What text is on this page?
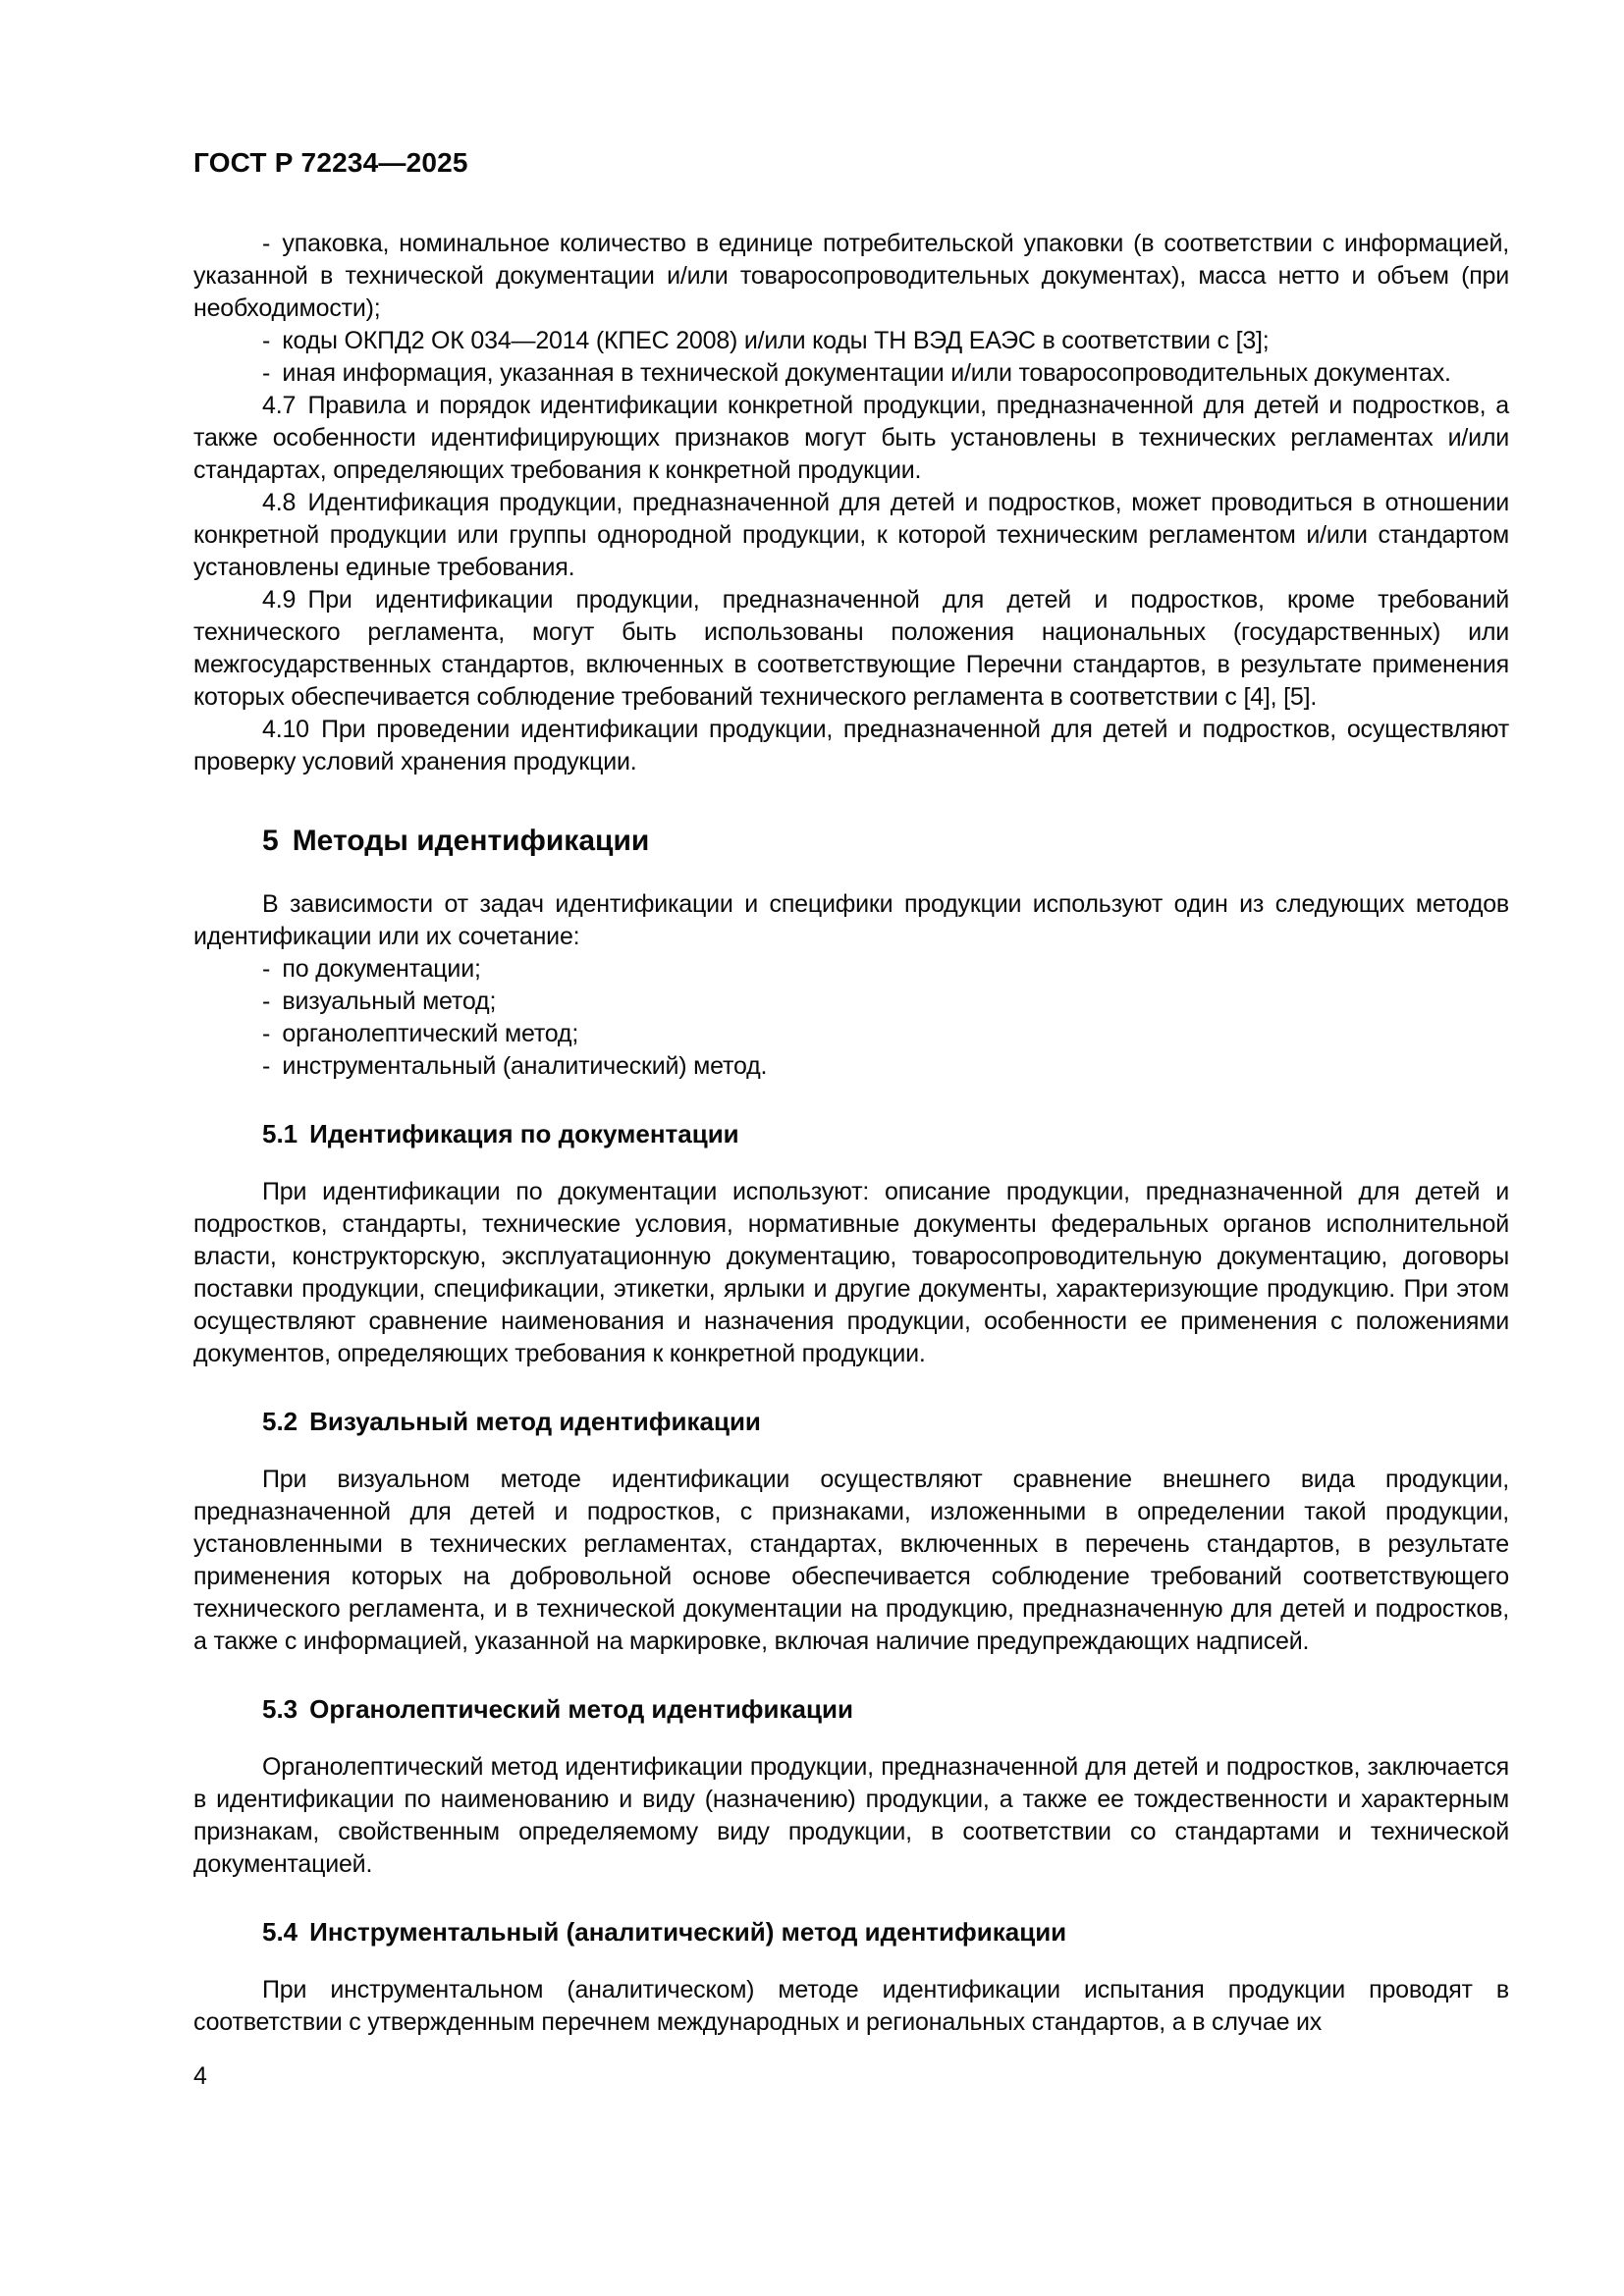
ГОСТ Р 72234—2025

- упаковка, номинальное количество в единице потребительской упаковки (в соответствии с информацией, указанной в технической документации и/или товаросопроводительных документах), масса нетто и объем (при необходимости);

- коды ОКПД2 ОК 034—2014 (КПЕС 2008) и/или коды ТН ВЭД ЕАЭС в соответствии с [3];

- иная информация, указанная в технической документации и/или товаросопроводительных документах.

4.7 Правила и порядок идентификации конкретной продукции, предназначенной для детей и подростков, а также особенности идентифицирующих признаков могут быть установлены в технических регламентах и/или стандартах, определяющих требования к конкретной продукции.

4.8 Идентификация продукции, предназначенной для детей и подростков, может проводиться в отношении конкретной продукции или группы однородной продукции, к которой техническим регламентом и/или стандартом установлены единые требования.

4.9 При идентификации продукции, предназначенной для детей и подростков, кроме требований технического регламента, могут быть использованы положения национальных (государственных) или межгосударственных стандартов, включенных в соответствующие Перечни стандартов, в результате применения которых обеспечивается соблюдение требований технического регламента в соответствии с [4], [5].

4.10 При проведении идентификации продукции, предназначенной для детей и подростков, осуществляют проверку условий хранения продукции.

5 Методы идентификации

В зависимости от задач идентификации и специфики продукции используют один из следующих методов идентификации или их сочетание:

- по документации;

- визуальный метод;

- органолептический метод;

- инструментальный (аналитический) метод.

5.1 Идентификация по документации

При идентификации по документации используют: описание продукции, предназначенной для детей и подростков, стандарты, технические условия, нормативные документы федеральных органов исполнительной власти, конструкторскую, эксплуатационную документацию, товаросопроводительную документацию, договоры поставки продукции, спецификации, этикетки, ярлыки и другие документы, характеризующие продукцию. При этом осуществляют сравнение наименования и назначения продукции, особенности ее применения с положениями документов, определяющих требования к конкретной продукции.

5.2 Визуальный метод идентификации

При визуальном методе идентификации осуществляют сравнение внешнего вида продукции, предназначенной для детей и подростков, с признаками, изложенными в определении такой продукции, установленными в технических регламентах, стандартах, включенных в перечень стандартов, в результате применения которых на добровольной основе обеспечивается соблюдение требований соответствующего технического регламента, и в технической документации на продукцию, предназначенную для детей и подростков, а также с информацией, указанной на маркировке, включая наличие предупреждающих надписей.

5.3 Органолептический метод идентификации

Органолептический метод идентификации продукции, предназначенной для детей и подростков, заключается в идентификации по наименованию и виду (назначению) продукции, а также ее тождественности и характерным признакам, свойственным определяемому виду продукции, в соответствии со стандартами и технической документацией.

5.4 Инструментальный (аналитический) метод идентификации

При инструментальном (аналитическом) методе идентификации испытания продукции проводят в соответствии с утвержденным перечнем международных и региональных стандартов, а в случае их

4
